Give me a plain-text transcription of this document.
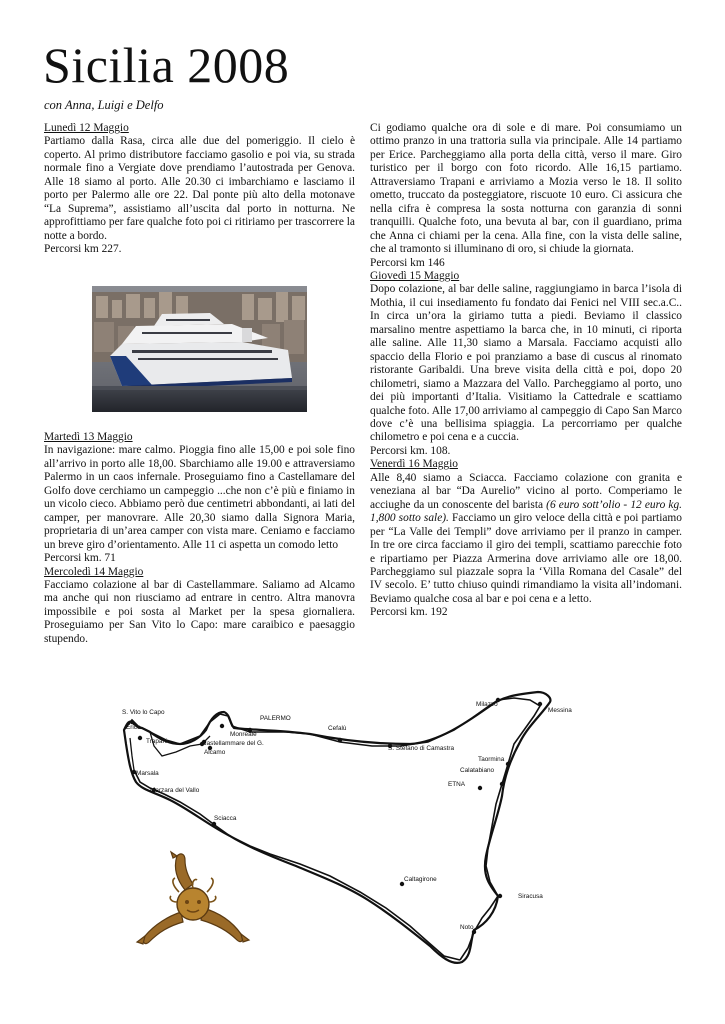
Sicilia 2008
con Anna, Luigi e Delfo
Lunedì 12 Maggio
Partiamo dalla Rasa, circa alle due del pomeriggio. Il cielo è coperto. Al primo distributore facciamo gasolio e poi via, su strada normale fino a Vergiate dove prendiamo l’autostrada per Genova. Alle 18 siamo al porto. Alle 20.30 ci imbarchiamo e lasciamo il porto per Palermo alle ore 22. Dal ponte più alto della motonave “La Suprema”, assistiamo all’uscita dal porto in notturna. Ne approfittiamo per fare qualche foto poi ci ritiriamo per trascorrere la notte a bordo.
Percorsi km 227.
Martedì 13 Maggio
In navigazione: mare calmo. Pioggia fino alle 15,00 e poi sole fino all’arrivo in porto alle 18,00. Sbarchiamo alle 19.00 e attraversiamo Palermo in un caos infernale. Proseguiamo fino a Castellamare del Golfo dove cerchiamo un campeggio ...che non c’è più e finiamo in un vicolo cieco. Abbiamo però due centimetri abbondanti, ai lati del camper, per manovrare. Alle 20,30 siamo dalla Signora Maria, proprietaria di un’area camper con vista mare. Ceniamo e facciamo un breve giro d’orientamento. Alle 11 ci aspetta un comodo letto
Percorsi km. 71
Mercoledì 14 Maggio
Facciamo colazione al bar di Castellammare. Saliamo ad Alcamo ma anche qui non riusciamo ad entrare in centro. Altra manovra impossibile e poi sosta al Market per la spesa giornaliera. Proseguiamo per San Vito lo Capo: mare caraibico e paesaggio stupendo.
Ci godiamo qualche ora di sole e di mare. Poi consumiamo un ottimo pranzo in una trattoria sulla via principale. Alle 14 partiamo per Erice. Parcheggiamo alla porta della città, verso il mare. Giro turistico per il borgo con foto ricordo. Alle 16,15 partiamo. Attraversiamo Trapani e arriviamo a Mozia verso le 18. Il solito ometto, truccato da posteggiatore, riscuote 10 euro. Ci assicura che nella cifra è compresa la sosta notturna con garanzia di sonni tranquilli. Qualche foto, una bevuta al bar, con il guardiano, prima che Anna ci chiami per la cena. Alla fine, con la vista delle saline, che al tramonto si illuminano di oro, si chiude la giornata.
Percorsi km 146
Giovedì 15 Maggio
Dopo colazione, al bar delle saline, raggiungiamo in barca l’isola di Mothia, il cui insediamento fu fondato dai Fenici nel VIII sec.a.C.. In circa un’ora la giriamo tutta a piedi. Beviamo il classico marsalino mentre aspettiamo la barca che, in 10 minuti, ci riporta alle saline. Alle 11,30 siamo a Marsala. Facciamo acquisti allo spaccio della Florio e poi pranziamo a base di cuscus al rinomato ristorante Garibaldi. Una breve visita della città e poi, dopo 20 chilometri, siamo a Mazzara del Vallo. Parcheggiamo al porto, uno dei più importanti d’Italia. Visitiamo la Cattedrale e scattiamo qualche foto. Alle 17,00 arriviamo al campeggio di Capo San Marco dove c’è una bellisima spiaggia. La percorriamo per qualche chilometro e poi cena e a cuccia.
Percorsi km. 108.
Venerdì 16 Maggio
Alle 8,40 siamo a Sciacca. Facciamo colazione con granita e veneziana al bar “Da Aurelio” vicino al porto. Comperiamo le acciughe da un conoscente del barista (6 euro sott’olio - 12 euro kg. 1,800 sotto sale). Facciamo un giro veloce della città e poi partiamo per “La Valle dei Templi” dove arriviamo per il pranzo in camper. In tre ore circa facciamo il giro dei templi, scattiamo parecchie foto e ripartiamo per Piazza Armerina dove arriviamo alle ore 18,00. Parcheggiamo sul piazzale sopra la ‘Villa Romana del Casale” del IV secolo. E’ tutto chiuso quindi rimandiamo la visita all’indomani. Beviamo qualche cosa al bar e poi cena e a letto.
Percorsi km. 192
S. Vito lo Capo
PALERMO
Cefalù
Milazzo
Messina
Erice
Trapani
Monreale
Castellammare del G.
Alcamo
S. Stefano di Camastra
Taormina
Calatabiano
ETNA
Marsala
Marzara del Vallo
Sciacca
Caltagirone
Siracusa
Noto
